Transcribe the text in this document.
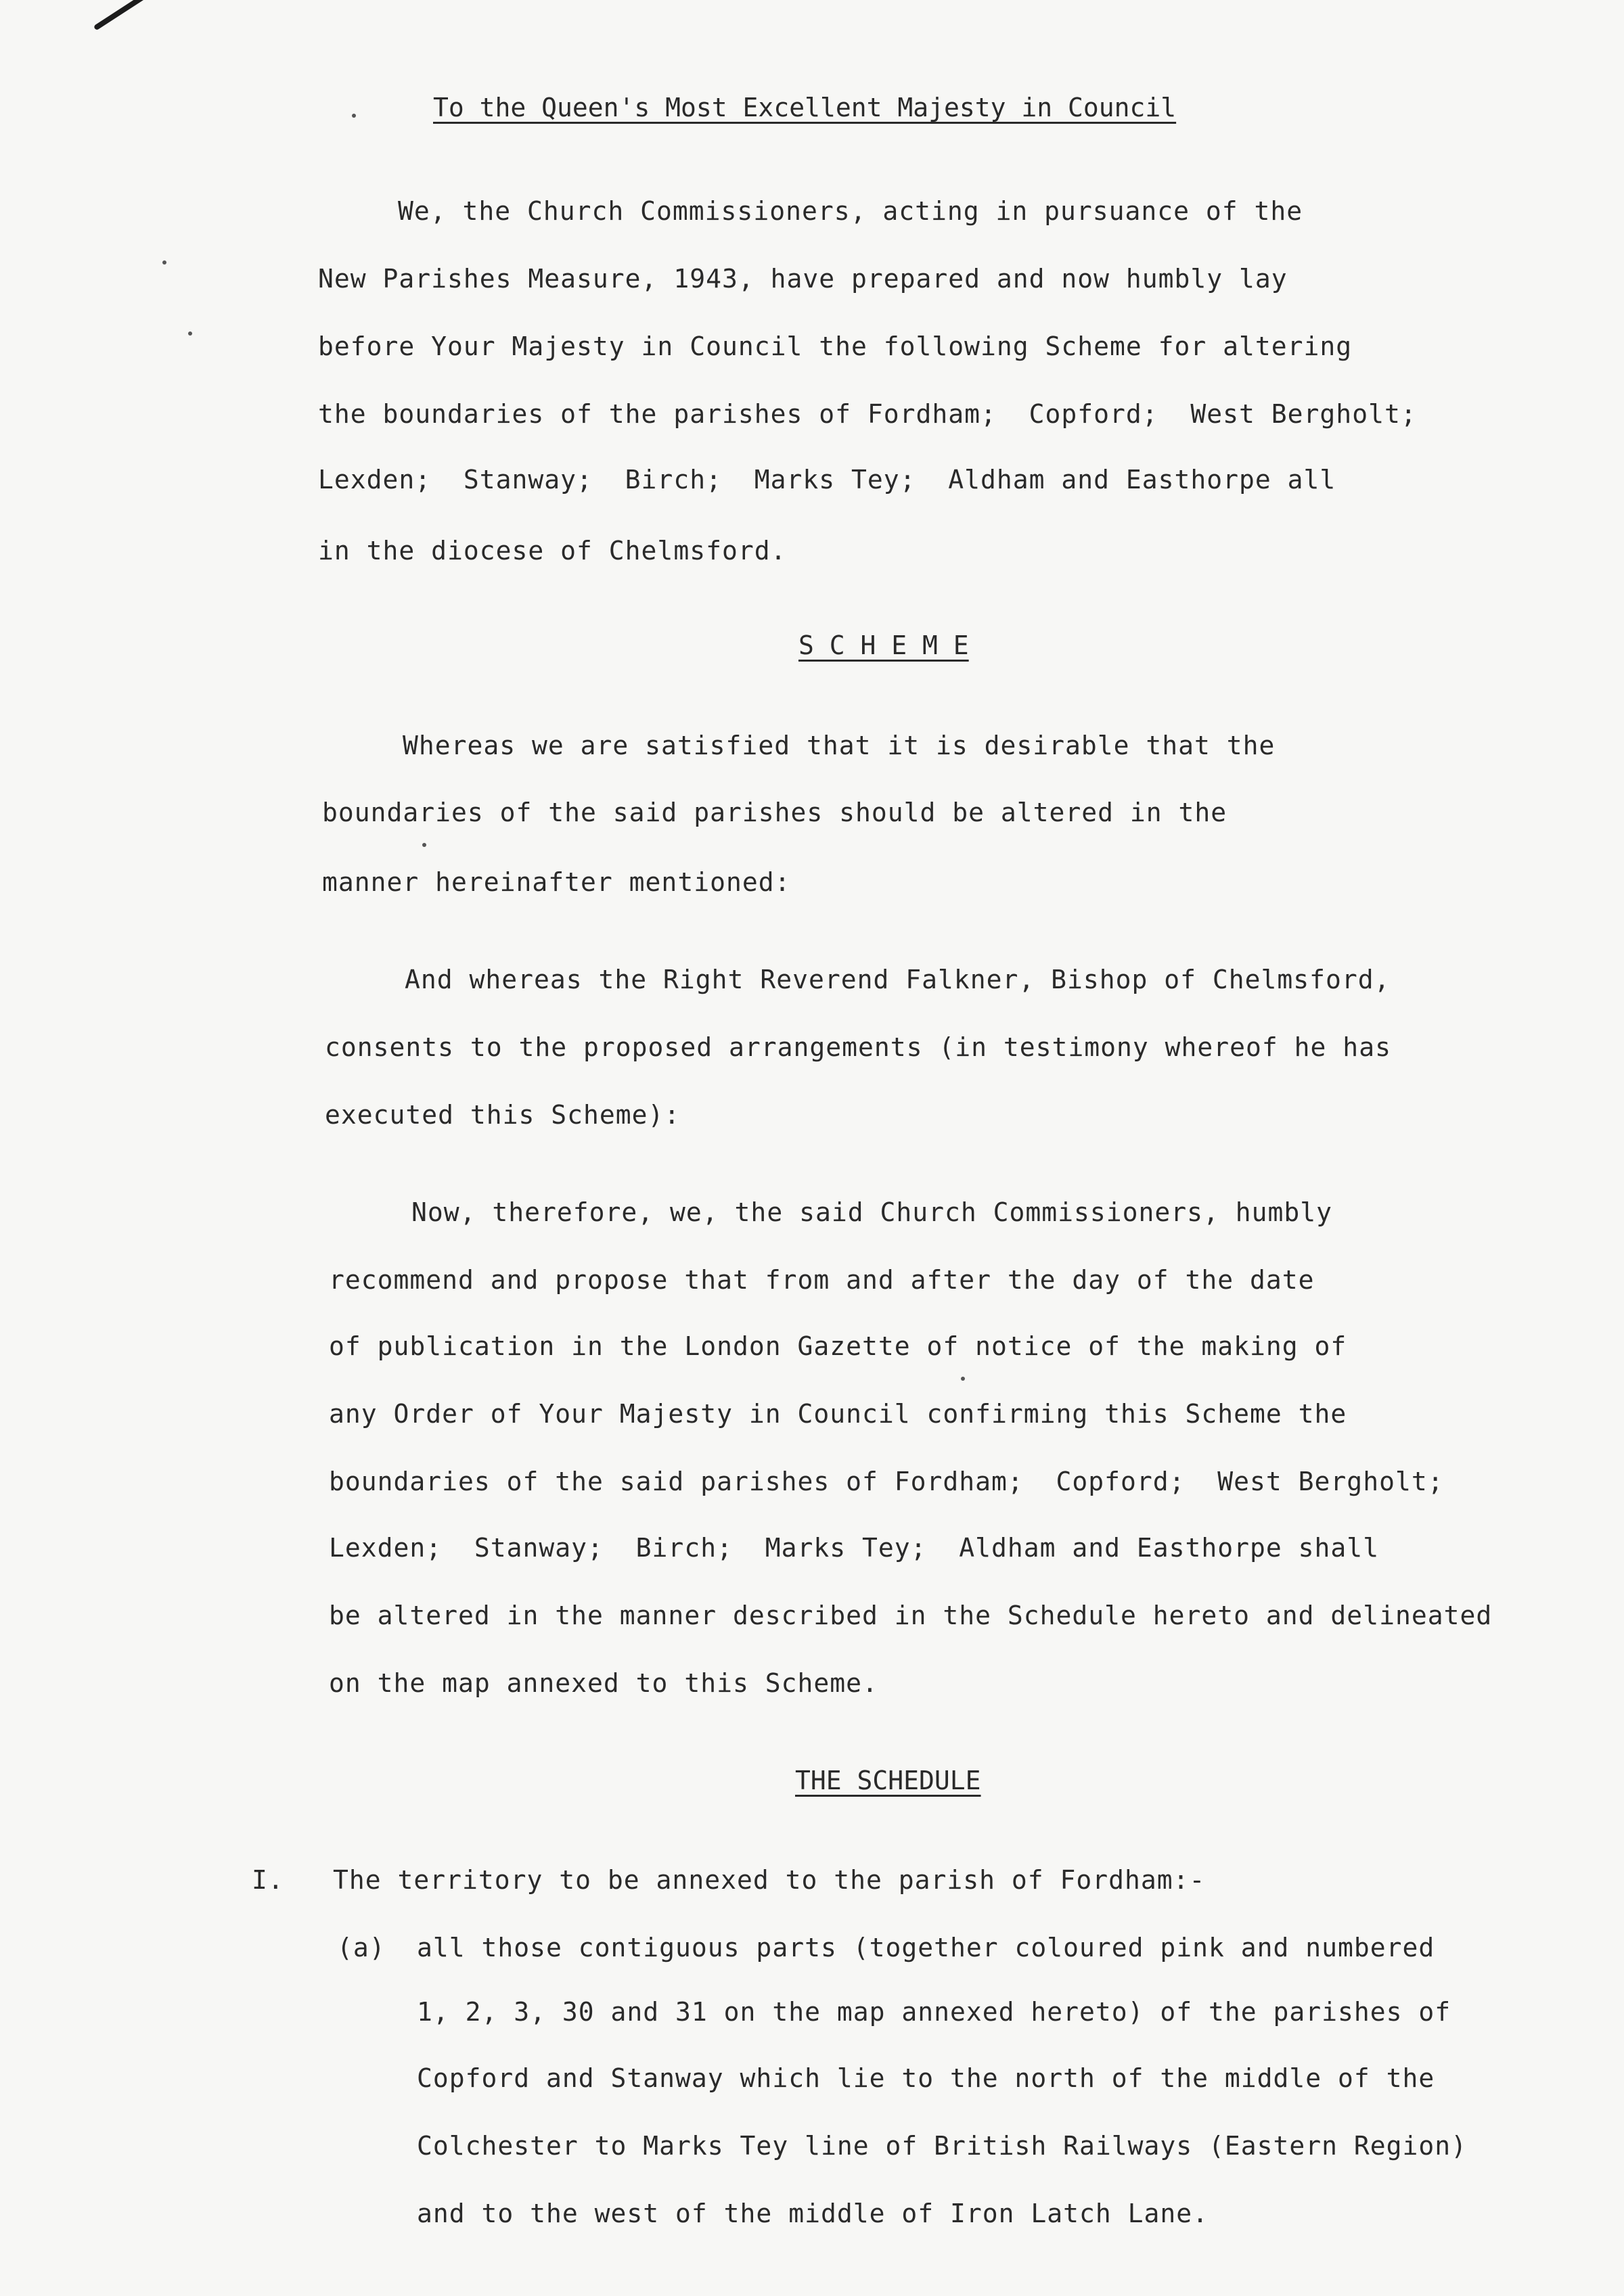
To the Queen's Most Excellent Majesty in Council
We, the Church Commissioners, acting in pursuance of the
New Parishes Measure, 1943, have prepared and now humbly lay
before Your Majesty in Council the following Scheme for altering
the boundaries of the parishes of Fordham;  Copford;  West Bergholt;
Lexden;  Stanway;  Birch;  Marks Tey;  Aldham and Easthorpe all
in the diocese of Chelmsford.
S C H E M E
Whereas we are satisfied that it is desirable that the
boundaries of the said parishes should be altered in the
manner hereinafter mentioned:
And whereas the Right Reverend Falkner, Bishop of Chelmsford,
consents to the proposed arrangements (in testimony whereof he has
executed this Scheme):
Now, therefore, we, the said Church Commissioners, humbly
recommend and propose that from and after the day of the date
of publication in the London Gazette of notice of the making of
any Order of Your Majesty in Council confirming this Scheme the
boundaries of the said parishes of Fordham;  Copford;  West Bergholt;
Lexden;  Stanway;  Birch;  Marks Tey;  Aldham and Easthorpe shall
be altered in the manner described in the Schedule hereto and delineated
on the map annexed to this Scheme.
THE SCHEDULE
I. The territory to be annexed to the parish of Fordham:-
(a) all those contiguous parts (together coloured pink and numbered
1, 2, 3, 30 and 31 on the map annexed hereto) of the parishes of
Copford and Stanway which lie to the north of the middle of the
Colchester to Marks Tey line of British Railways (Eastern Region)
and to the west of the middle of Iron Latch Lane.
